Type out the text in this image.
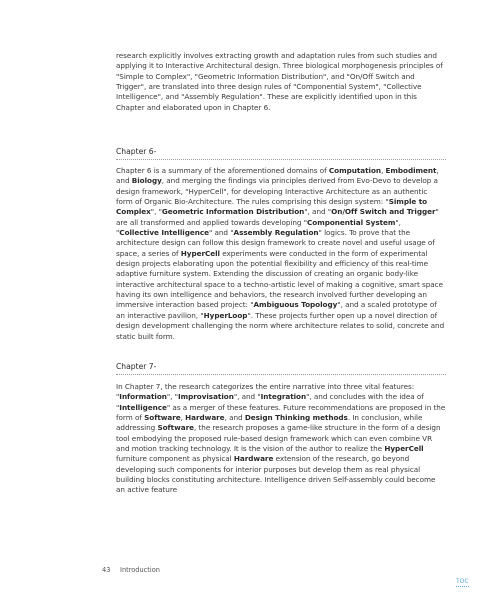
research explicitly involves extracting growth and adaptation rules from such studies and applying it to Interactive Architectural design. Three biological morphogenesis principles of "Simple to Complex", "Geometric Information Distribution", and "On/Off Switch and Trigger", are translated into three design rules of "Componential System", "Collective Intelligence", and "Assembly Regulation". These are explicitly identified upon in this Chapter and elaborated upon in Chapter 6.

Chapter 6-

Chapter 6 is a summary of the aforementioned domains of Computation, Embodiment, and Biology, and merging the findings via principles derived from Evo-Devo to develop a design framework, "HyperCell", for developing Interactive Architecture as an authentic form of Organic Bio-Architecture. The rules comprising this design system: "Simple to Complex", "Geometric Information Distribution", and "On/Off Switch and Trigger" are all transformed and applied towards developing "Componential System", "Collective Intelligence" and "Assembly Regulation" logics. To prove that the architecture design can follow this design framework to create novel and useful usage of space, a series of HyperCell experiments were conducted in the form of experimental design projects elaborating upon the potential flexibility and efficiency of this real-time adaptive furniture system. Extending the discussion of creating an organic body-like interactive architectural space to a techno-artistic level of making a cognitive, smart space having its own intelligence and behaviors, the research involved further developing an immersive interaction based project: "Ambiguous Topology", and a scaled prototype of an interactive pavilion, "HyperLoop". These projects further open up a novel direction of design development challenging the norm where architecture relates to solid, concrete and static built form.

Chapter 7-

In Chapter 7, the research categorizes the entire narrative into three vital features: "Information", "Improvisation", and "Integration", and concludes with the idea of "Intelligence" as a merger of these features. Future recommendations are proposed in the form of Software, Hardware, and Design Thinking methods. In conclusion, while addressing Software, the research proposes a game-like structure in the form of a design tool embodying the proposed rule-based design framework which can even combine VR and motion tracking technology. It is the vision of the author to realize the HyperCell furniture component as physical Hardware extension of the research, go beyond developing such components for interior purposes but develop them as real physical building blocks constituting architecture. Intelligence driven Self-assembly could become an active feature

43 Introduction
TOC
